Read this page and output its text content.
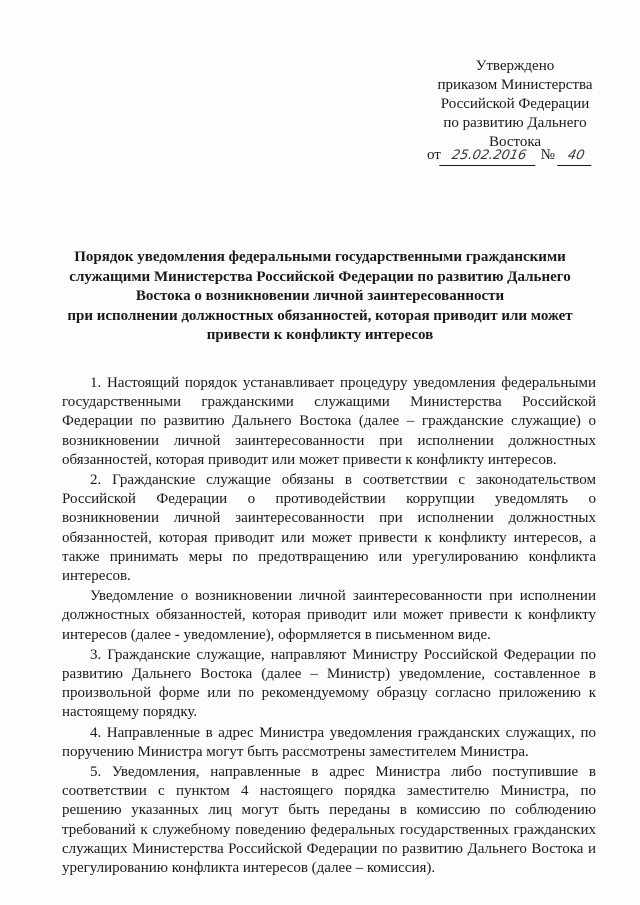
Утверждено
приказом Министерства
Российской Федерации
по развитию Дальнего
Востока
от 25.02.2016 № 40
Порядок уведомления федеральными государственными гражданскими
служащими Министерства Российской Федерации по развитию Дальнего
Востока о возникновении личной заинтересованности
при исполнении должностных обязанностей, которая приводит или может
привести к конфликту интересов

1. Настоящий порядок устанавливает процедуру уведомления федеральными государственными гражданскими служащими Министерства Российской Федерации по развитию Дальнего Востока (далее – гражданские служащие) о возникновении личной заинтересованности при исполнении должностных обязанностей, которая приводит или может привести к конфликту интересов.

2. Гражданские служащие обязаны в соответствии с законодательством Российской Федерации о противодействии коррупции уведомлять о возникновении личной заинтересованности при исполнении должностных обязанностей, которая приводит или может привести к конфликту интересов, а также принимать меры по предотвращению или урегулированию конфликта интересов.

Уведомление о возникновении личной заинтересованности при исполнении должностных обязанностей, которая приводит или может привести к конфликту интересов (далее - уведомление), оформляется в письменном виде.

3. Гражданские служащие, направляют Министру Российской Федерации по развитию Дальнего Востока (далее – Министр) уведомление, составленное в произвольной форме или по рекомендуемому образцу согласно приложению к настоящему порядку.

4. Направленные в адрес Министра уведомления гражданских служащих, по поручению Министра могут быть рассмотрены заместителем Министра.

5. Уведомления, направленные в адрес Министра либо поступившие в соответствии с пунктом 4 настоящего порядка заместителю Министра, по решению указанных лиц могут быть переданы в комиссию по соблюдению требований к служебному поведению федеральных государственных гражданских служащих Министерства Российской Федерации по развитию Дальнего Востока и урегулированию конфликта интересов (далее – комиссия).
